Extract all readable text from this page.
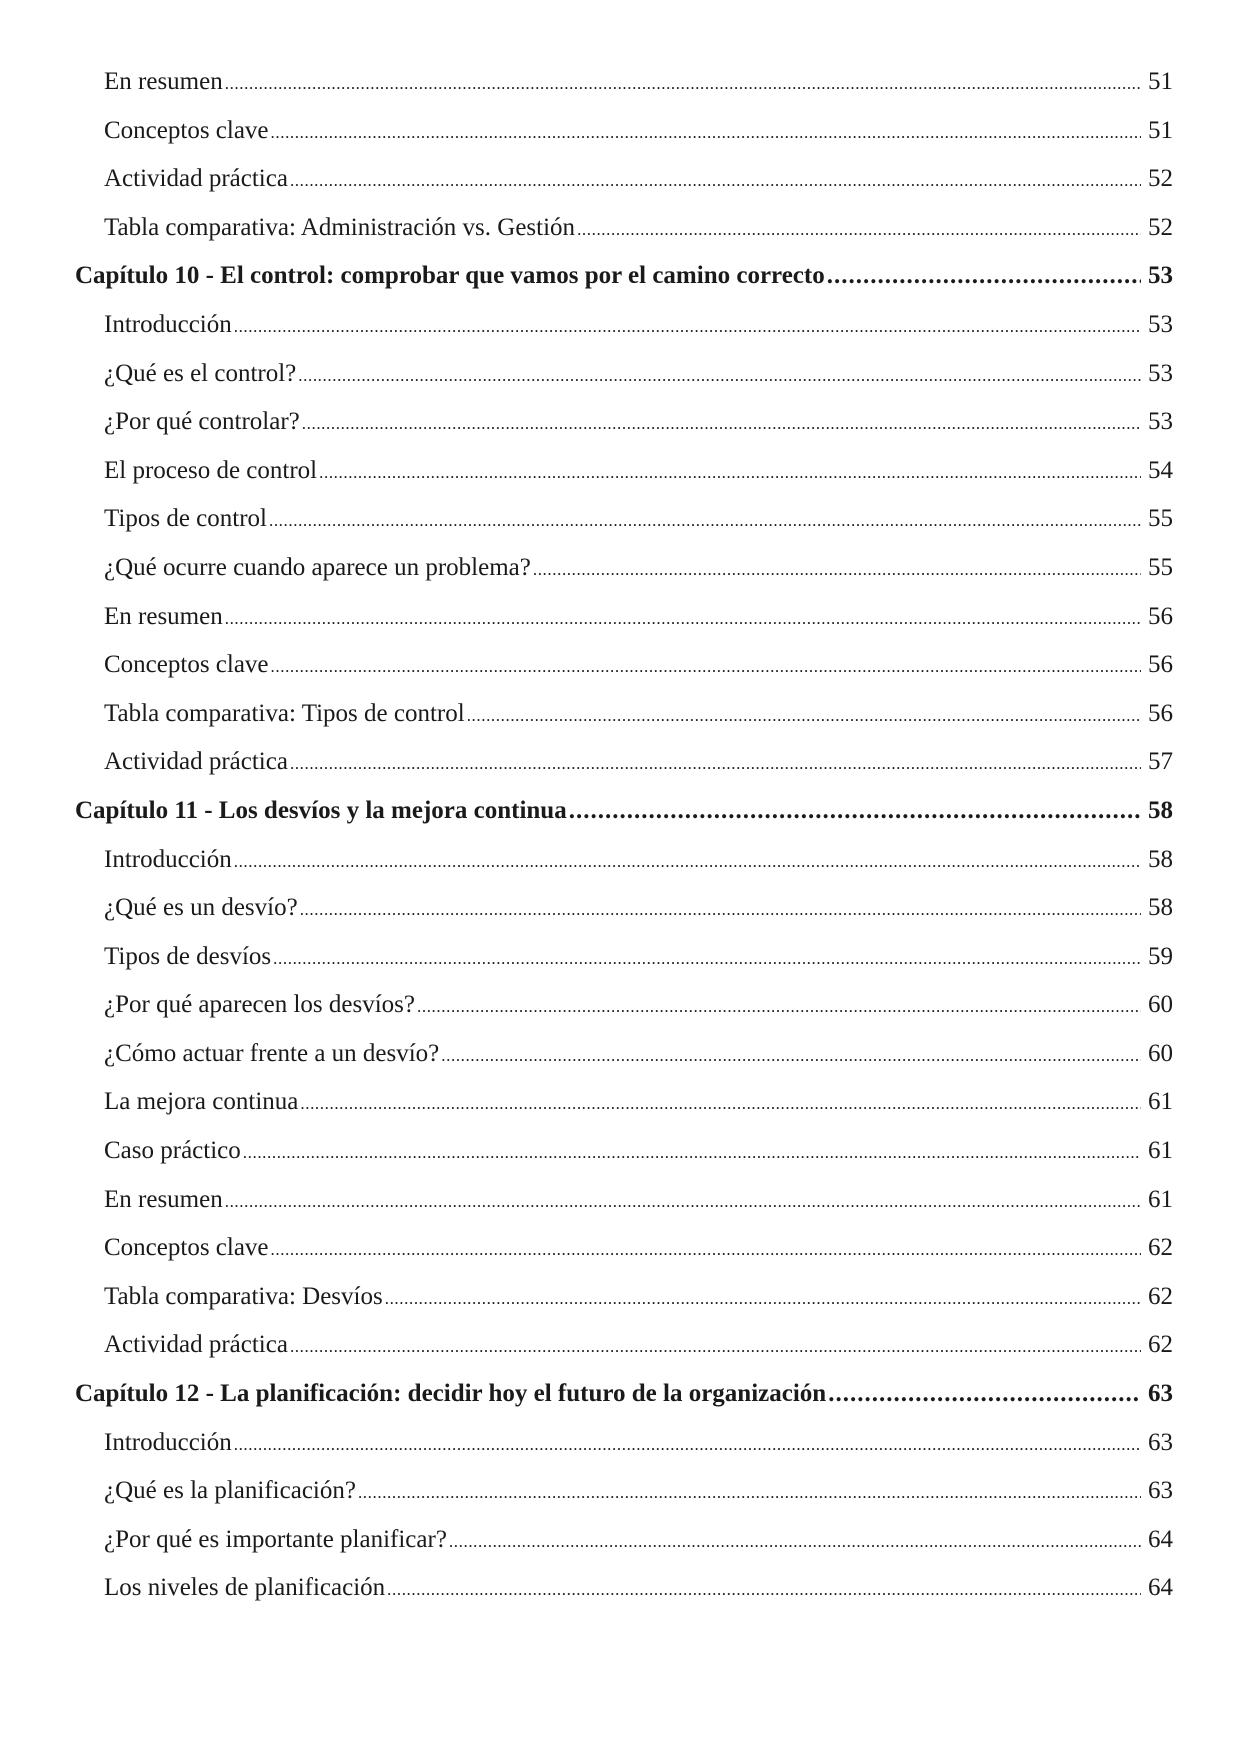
En resumen .....	51
Conceptos clave .....	51
Actividad práctica .....	52
Tabla comparativa: Administración vs. Gestión .....	52
Capítulo 10 - El control: comprobar que vamos por el camino correcto .....	53
Introducción .....	53
¿Qué es el control? .....	53
¿Por qué controlar? .....	53
El proceso de control .....	54
Tipos de control .....	55
¿Qué ocurre cuando aparece un problema? .....	55
En resumen .....	56
Conceptos clave .....	56
Tabla comparativa: Tipos de control .....	56
Actividad práctica .....	57
Capítulo 11 - Los desvíos y la mejora continua .....	58
Introducción .....	58
¿Qué es un desvío? .....	58
Tipos de desvíos .....	59
¿Por qué aparecen los desvíos? .....	60
¿Cómo actuar frente a un desvío? .....	60
La mejora continua .....	61
Caso práctico .....	61
En resumen .....	61
Conceptos clave .....	62
Tabla comparativa: Desvíos .....	62
Actividad práctica .....	62
Capítulo 12 - La planificación: decidir hoy el futuro de la organización .....	63
Introducción .....	63
¿Qué es la planificación? .....	63
¿Por qué es importante planificar? .....	64
Los niveles de planificación .....	64
